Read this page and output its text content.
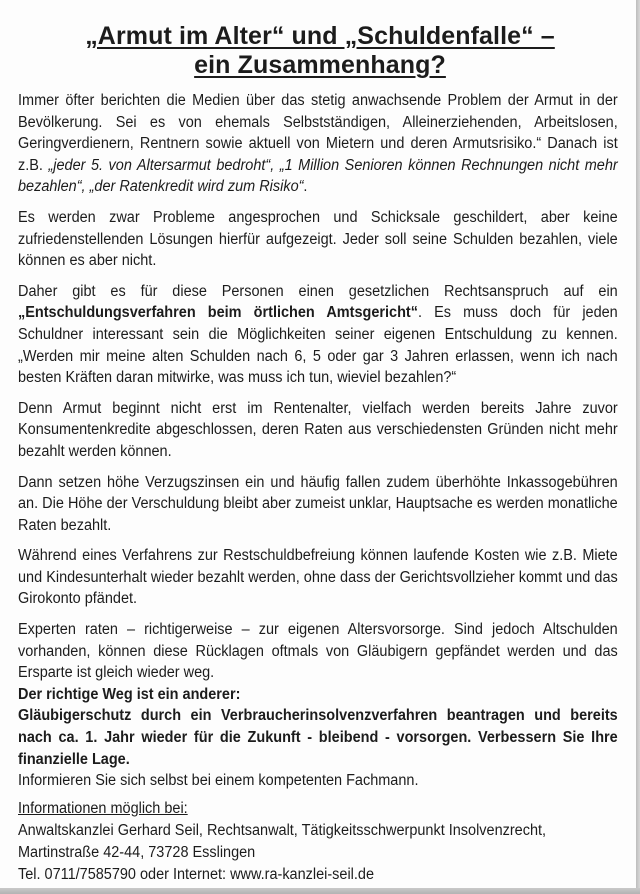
„Armut im Alter“ und „Schuldenfalle“ –
ein Zusammenhang?

Immer öfter berichten die Medien über das stetig anwachsende Problem der Armut in der Bevölkerung. Sei es von ehemals Selbstständigen, Alleinerziehenden, Arbeitslosen, Geringverdienern, Rentnern sowie aktuell von Mietern und deren Armutsrisiko.“ Danach ist z.B. „jeder 5. von Altersarmut bedroht“, „1 Million Senioren können Rechnungen nicht mehr bezahlen“, „der Ratenkredit wird zum Risiko“.

Es werden zwar Probleme angesprochen und Schicksale geschildert, aber keine zufriedenstellenden Lösungen hierfür aufgezeigt. Jeder soll seine Schulden bezahlen, viele können es aber nicht.

Daher gibt es für diese Personen einen gesetzlichen Rechtsanspruch auf ein „Entschuldungsverfahren beim örtlichen Amtsgericht“. Es muss doch für jeden Schuldner interessant sein die Möglichkeiten seiner eigenen Entschuldung zu kennen. „Werden mir meine alten Schulden nach 6, 5 oder gar 3 Jahren erlassen, wenn ich nach besten Kräften daran mitwirke, was muss ich tun, wieviel bezahlen?“

Denn Armut beginnt nicht erst im Rentenalter, vielfach werden bereits Jahre zuvor Konsumentenkredite abgeschlossen, deren Raten aus verschiedensten Gründen nicht mehr bezahlt werden können.

Dann setzen höhe Verzugszinsen ein und häufig fallen zudem überhöhte Inkassogebühren an. Die Höhe der Verschuldung bleibt aber zumeist unklar, Hauptsache es werden monatliche Raten bezahlt.

Während eines Verfahrens zur Restschuldbefreiung können laufende Kosten wie z.B. Miete und Kindesunterhalt wieder bezahlt werden, ohne dass der Gerichtsvollzieher kommt und das Girokonto pfändet.

Experten raten – richtigerweise – zur eigenen Altersvorsorge. Sind jedoch Altschulden vorhanden, können diese Rücklagen oftmals von Gläubigern gepfändet werden und das Ersparte ist gleich wieder weg.

Der richtige Weg ist ein anderer:

Gläubigerschutz durch ein Verbraucherinsolvenzverfahren beantragen und bereits nach ca. 1. Jahr wieder für die Zukunft - bleibend - vorsorgen. Verbessern Sie Ihre finanzielle Lage.

Informieren Sie sich selbst bei einem kompetenten Fachmann.

Informationen möglich bei:
Anwaltskanzlei Gerhard Seil, Rechtsanwalt, Tätigkeitsschwerpunkt Insolvenzrecht,
Martinstraße 42-44, 73728 Esslingen
Tel. 0711/7585790 oder Internet: www.ra-kanzlei-seil.de
